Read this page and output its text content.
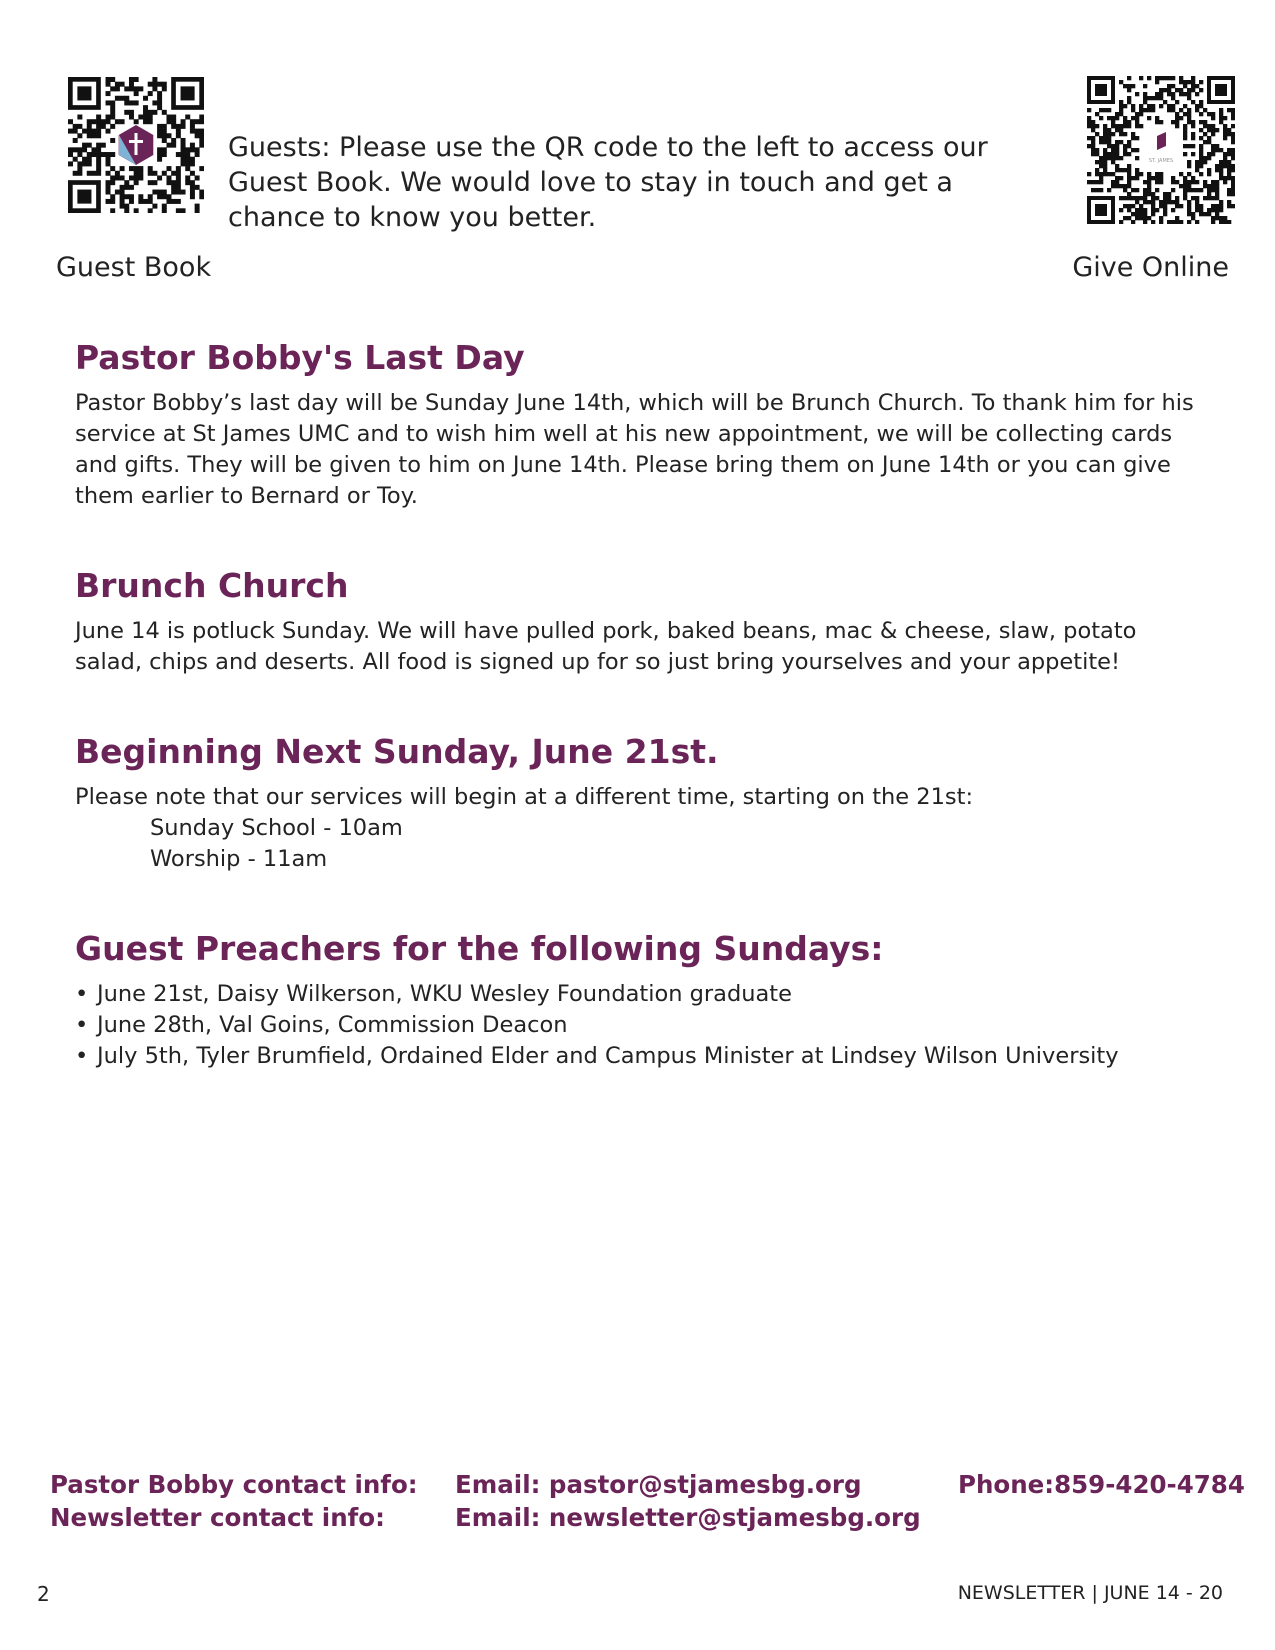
Guests: Please use the QR code to the left to access our Guest Book. We would love to stay in touch and get a chance to know you better.

ST. JAMES
Guest Book	Give Online
Pastor Bobby's Last Day

Pastor Bobby’s last day will be Sunday June 14th, which will be Brunch Church. To thank him for his service at St James UMC and to wish him well at his new appointment, we will be collecting cards and gifts. They will be given to him on June 14th. Please bring them on June 14th or you can give them earlier to Bernard or Toy.

Brunch Church

June 14 is potluck Sunday. We will have pulled pork, baked beans, mac & cheese, slaw, potato salad, chips and deserts. All food is signed up for so just bring yourselves and your appetite!

Beginning Next Sunday, June 21st.

Please note that our services will begin at a different time, starting on the 21st:

Sunday School - 10am
Worship - 11am
Guest Preachers for the following Sundays:
• June 21st, Daisy Wilkerson, WKU Wesley Foundation graduate
• June 28th, Val Goins, Commission Deacon
• July 5th, Tyler Brumfield, Ordained Elder and Campus Minister at Lindsey Wilson University
Pastor Bobby contact info: Email: pastor@stjamesbg.org	Phone:859-420-4784
Newsletter contact info:	Email: newsletter@stjamesbg.org
2	NEWSLETTER | JUNE 14 - 20
